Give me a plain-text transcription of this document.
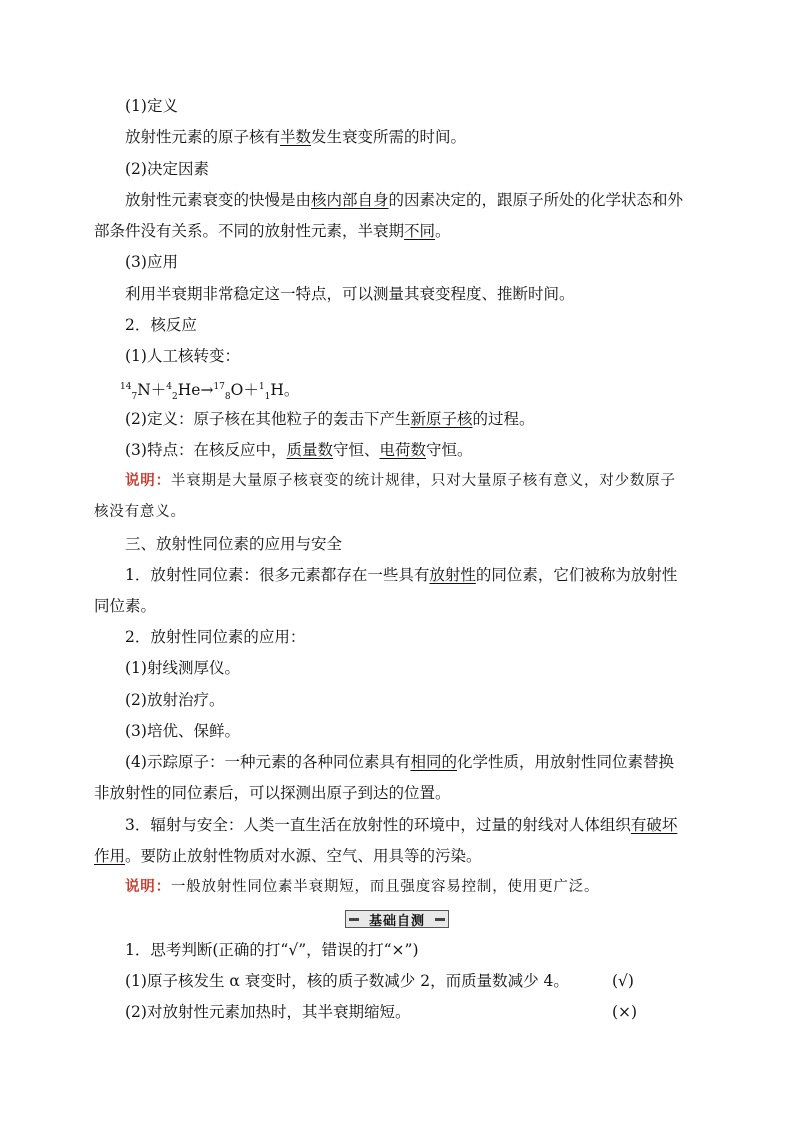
(1)定义
放射性元素的原子核有半数发生衰变所需的时间。
(2)决定因素
放射性元素衰变的快慢是由核内部自身的因素决定的，跟原子所处的化学状态和外
部条件没有关系。不同的放射性元素，半衰期不同。
(3)应用
利用半衰期非常稳定这一特点，可以测量其衰变程度、推断时间。
2．核反应
(1)人工核转变：
$^{14}_7$N＋$^4_2$He→$^{17}_8$O＋$^1_1$H。
(2)定义：原子核在其他粒子的轰击下产生新原子核的过程。
(3)特点：在核反应中，质量数守恒、电荷数守恒。
说明：半衰期是大量原子核衰变的统计规律，只对大量原子核有意义，对少数原子
核没有意义。
三、放射性同位素的应用与安全
1．放射性同位素：很多元素都存在一些具有放射性的同位素，它们被称为放射性
同位素。
2．放射性同位素的应用：
(1)射线测厚仪。
(2)放射治疗。
(3)培优、保鲜。
(4)示踪原子：一种元素的各种同位素具有相同的化学性质，用放射性同位素替换
非放射性的同位素后，可以探测出原子到达的位置。
3．辐射与安全：人类一直生活在放射性的环境中，过量的射线对人体组织有破坏
作用。要防止放射性物质对水源、空气、用具等的污染。
说明：一般放射性同位素半衰期短，而且强度容易控制，使用更广泛。
基础自测
1．思考判断(正确的打“√”，错误的打“×”)
(1)原子核发生 α 衰变时，核的质子数减少 2，而质量数减少 4。	(√)
(2)对放射性元素加热时，其半衰期缩短。	(×)
